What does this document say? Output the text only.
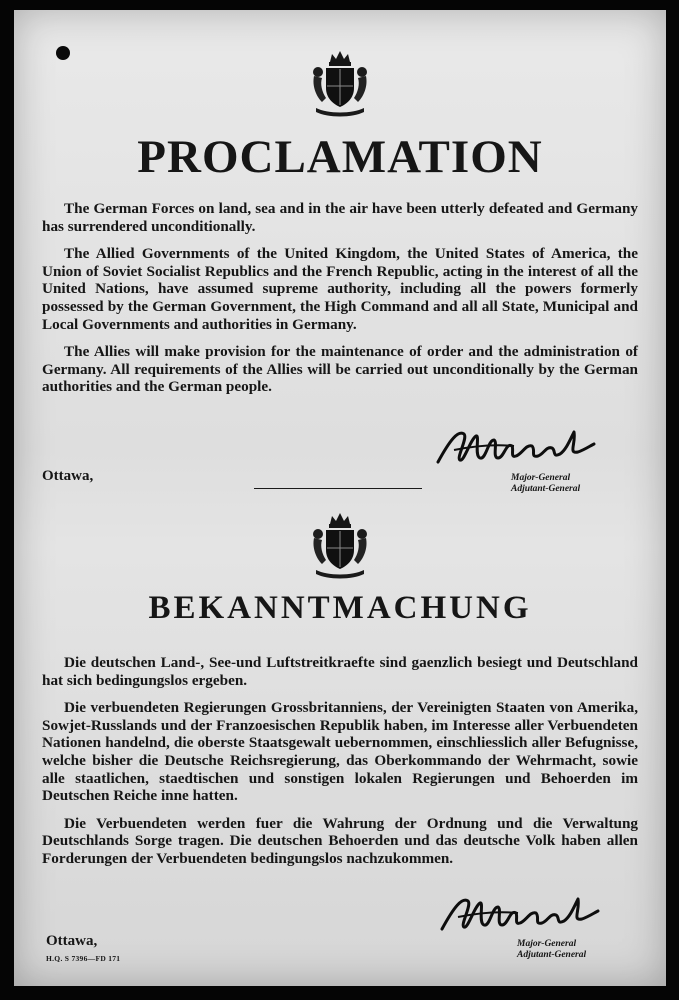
PROCLAMATION

The German Forces on land, sea and in the air have been utterly defeated and Germany has surrendered unconditionally.

The Allied Governments of the United Kingdom, the United States of America, the Union of Soviet Socialist Republics and the French Republic, acting in the interest of all the United Nations, have assumed supreme authority, including all the powers formerly possessed by the German Government, the High Command and all all State, Municipal and Local Governments and authorities in Germany.

The Allies will make provision for the maintenance of order and the administration of Germany. All requirements of the Allies will be carried out unconditionally by the German authorities and the German people.

Ottawa,	Major-General
Adjutant-General
BEKANNTMACHUNG

Die deutschen Land-, See-und Luftstreitkraefte sind gaenzlich besiegt und Deutschland hat sich bedingungslos ergeben.

Die verbuendeten Regierungen Grossbritanniens, der Vereinigten Staaten von Amerika, Sowjet-Russlands und der Franzoesischen Republik haben, im Interesse aller Verbuendeten Nationen handelnd, die oberste Staatsgewalt uebernommen, einschliesslich aller Befugnisse, welche bisher die Deutsche Reichsregierung, das Oberkommando der Wehrmacht, sowie alle staatlichen, staedtischen und sonstigen lokalen Regierungen und Behoerden im Deutschen Reiche inne hatten.

Die Verbuendeten werden fuer die Wahrung der Ordnung und die Verwaltung Deutschlands Sorge tragen. Die deutschen Behoerden und das deutsche Volk haben allen Forderungen der Verbuendeten bedingungslos nachzukommen.

Major-General
Adjutant-General
Ottawa,
H.Q. S 7396—FD 171
